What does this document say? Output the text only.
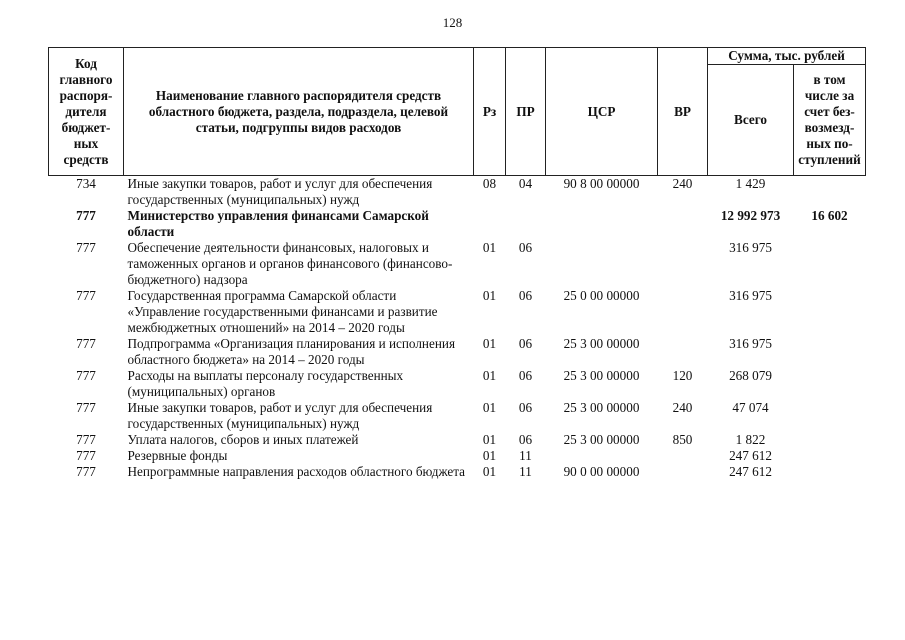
128
Код главного распоря-дителя бюджет-ных средств	Наименование главного распорядителя средств областного бюджета, раздела, подраздела, целевой статьи, подгруппы видов расходов	Рз	ПР	ЦСР	ВР	Сумма, тыс. рублей	
						Всего	в том числе за счет без-возмезд-ных по-ступлений
734	Иные закупки товаров, работ и услуг для обеспечения государственных (муниципальных) нужд	08	04	90 8 00 00000	240	1 429	
777	Министерство управления финансами Самарской области					12 992 973	16 602
777	Обеспечение деятельности финансовых, налоговых и таможенных органов и органов финансового (финансово-бюджетного) надзора	01	06			316 975	
777	Государственная программа Самарской области «Управление государственными финансами и развитие межбюджетных отношений» на 2014 – 2020 годы	01	06	25 0 00 00000		316 975	
777	Подпрограмма «Организация планирования и исполнения областного бюджета» на 2014 – 2020 годы	01	06	25 3 00 00000		316 975	
777	Расходы на выплаты персоналу государственных (муниципальных) органов	01	06	25 3 00 00000	120	268 079	
777	Иные закупки товаров, работ и услуг для обеспечения государственных (муниципальных) нужд	01	06	25 3 00 00000	240	47 074	
777	Уплата налогов, сборов и иных платежей	01	06	25 3 00 00000	850	1 822	
777	Резервные фонды	01	11			247 612	
777	Непрограммные направления расходов областного бюджета	01	11	90 0 00 00000		247 612	
